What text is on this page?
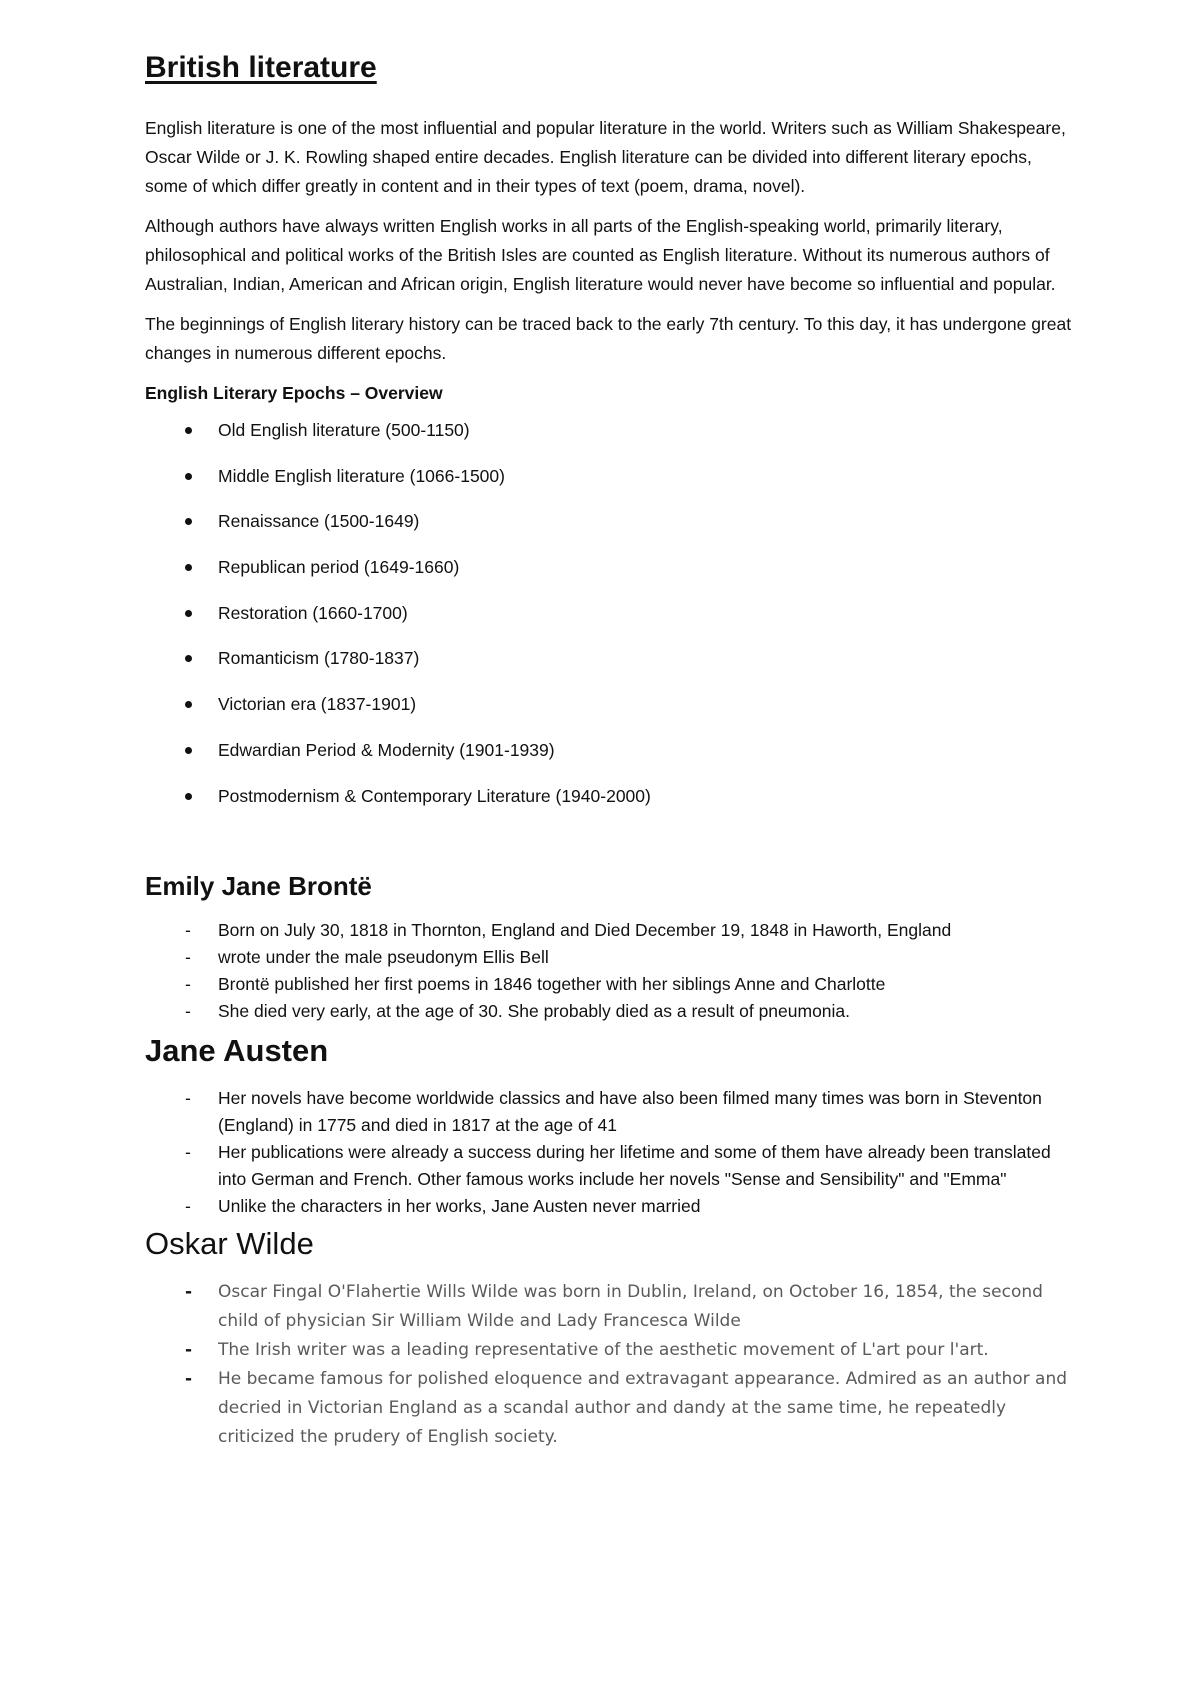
British literature

English literature is one of the most influential and popular literature in the world. Writers such as William Shakespeare, Oscar Wilde or J. K. Rowling shaped entire decades. English literature can be divided into different literary epochs, some of which differ greatly in content and in their types of text (poem, drama, novel).

Although authors have always written English works in all parts of the English-speaking world, primarily literary, philosophical and political works of the British Isles are counted as English literature. Without its numerous authors of Australian, Indian, American and African origin, English literature would never have become so influential and popular.

The beginnings of English literary history can be traced back to the early 7th century. To this day, it has undergone great changes in numerous different epochs.

English Literary Epochs – Overview
Old English literature (500-1150)
Middle English literature (1066-1500)
Renaissance (1500-1649)
Republican period (1649-1660)
Restoration (1660-1700)
Romanticism (1780-1837)
Victorian era (1837-1901)
Edwardian Period & Modernity (1901-1939)
Postmodernism & Contemporary Literature (1940-2000)
Emily Jane Brontë
- Born on July 30, 1818 in Thornton, England and Died December 19, 1848 in Haworth, England
- wrote under the male pseudonym Ellis Bell
- Brontë published her first poems in 1846 together with her siblings Anne and Charlotte
- She died very early, at the age of 30. She probably died as a result of pneumonia.
Jane Austen
- Her novels have become worldwide classics and have also been filmed many times was born in Steventon (England) in 1775 and died in 1817 at the age of 41
- Her publications were already a success during her lifetime and some of them have already been translated into German and French. Other famous works include her novels "Sense and Sensibility" and "Emma"
- Unlike the characters in her works, Jane Austen never married
Oskar Wilde
- Oscar Fingal O'Flahertie Wills Wilde was born in Dublin, Ireland, on October 16, 1854, the second child of physician Sir William Wilde and Lady Francesca Wilde
- The Irish writer was a leading representative of the aesthetic movement of L'art pour l'art.
- He became famous for polished eloquence and extravagant appearance. Admired as an author and decried in Victorian England as a scandal author and dandy at the same time, he repeatedly criticized the prudery of English society.
